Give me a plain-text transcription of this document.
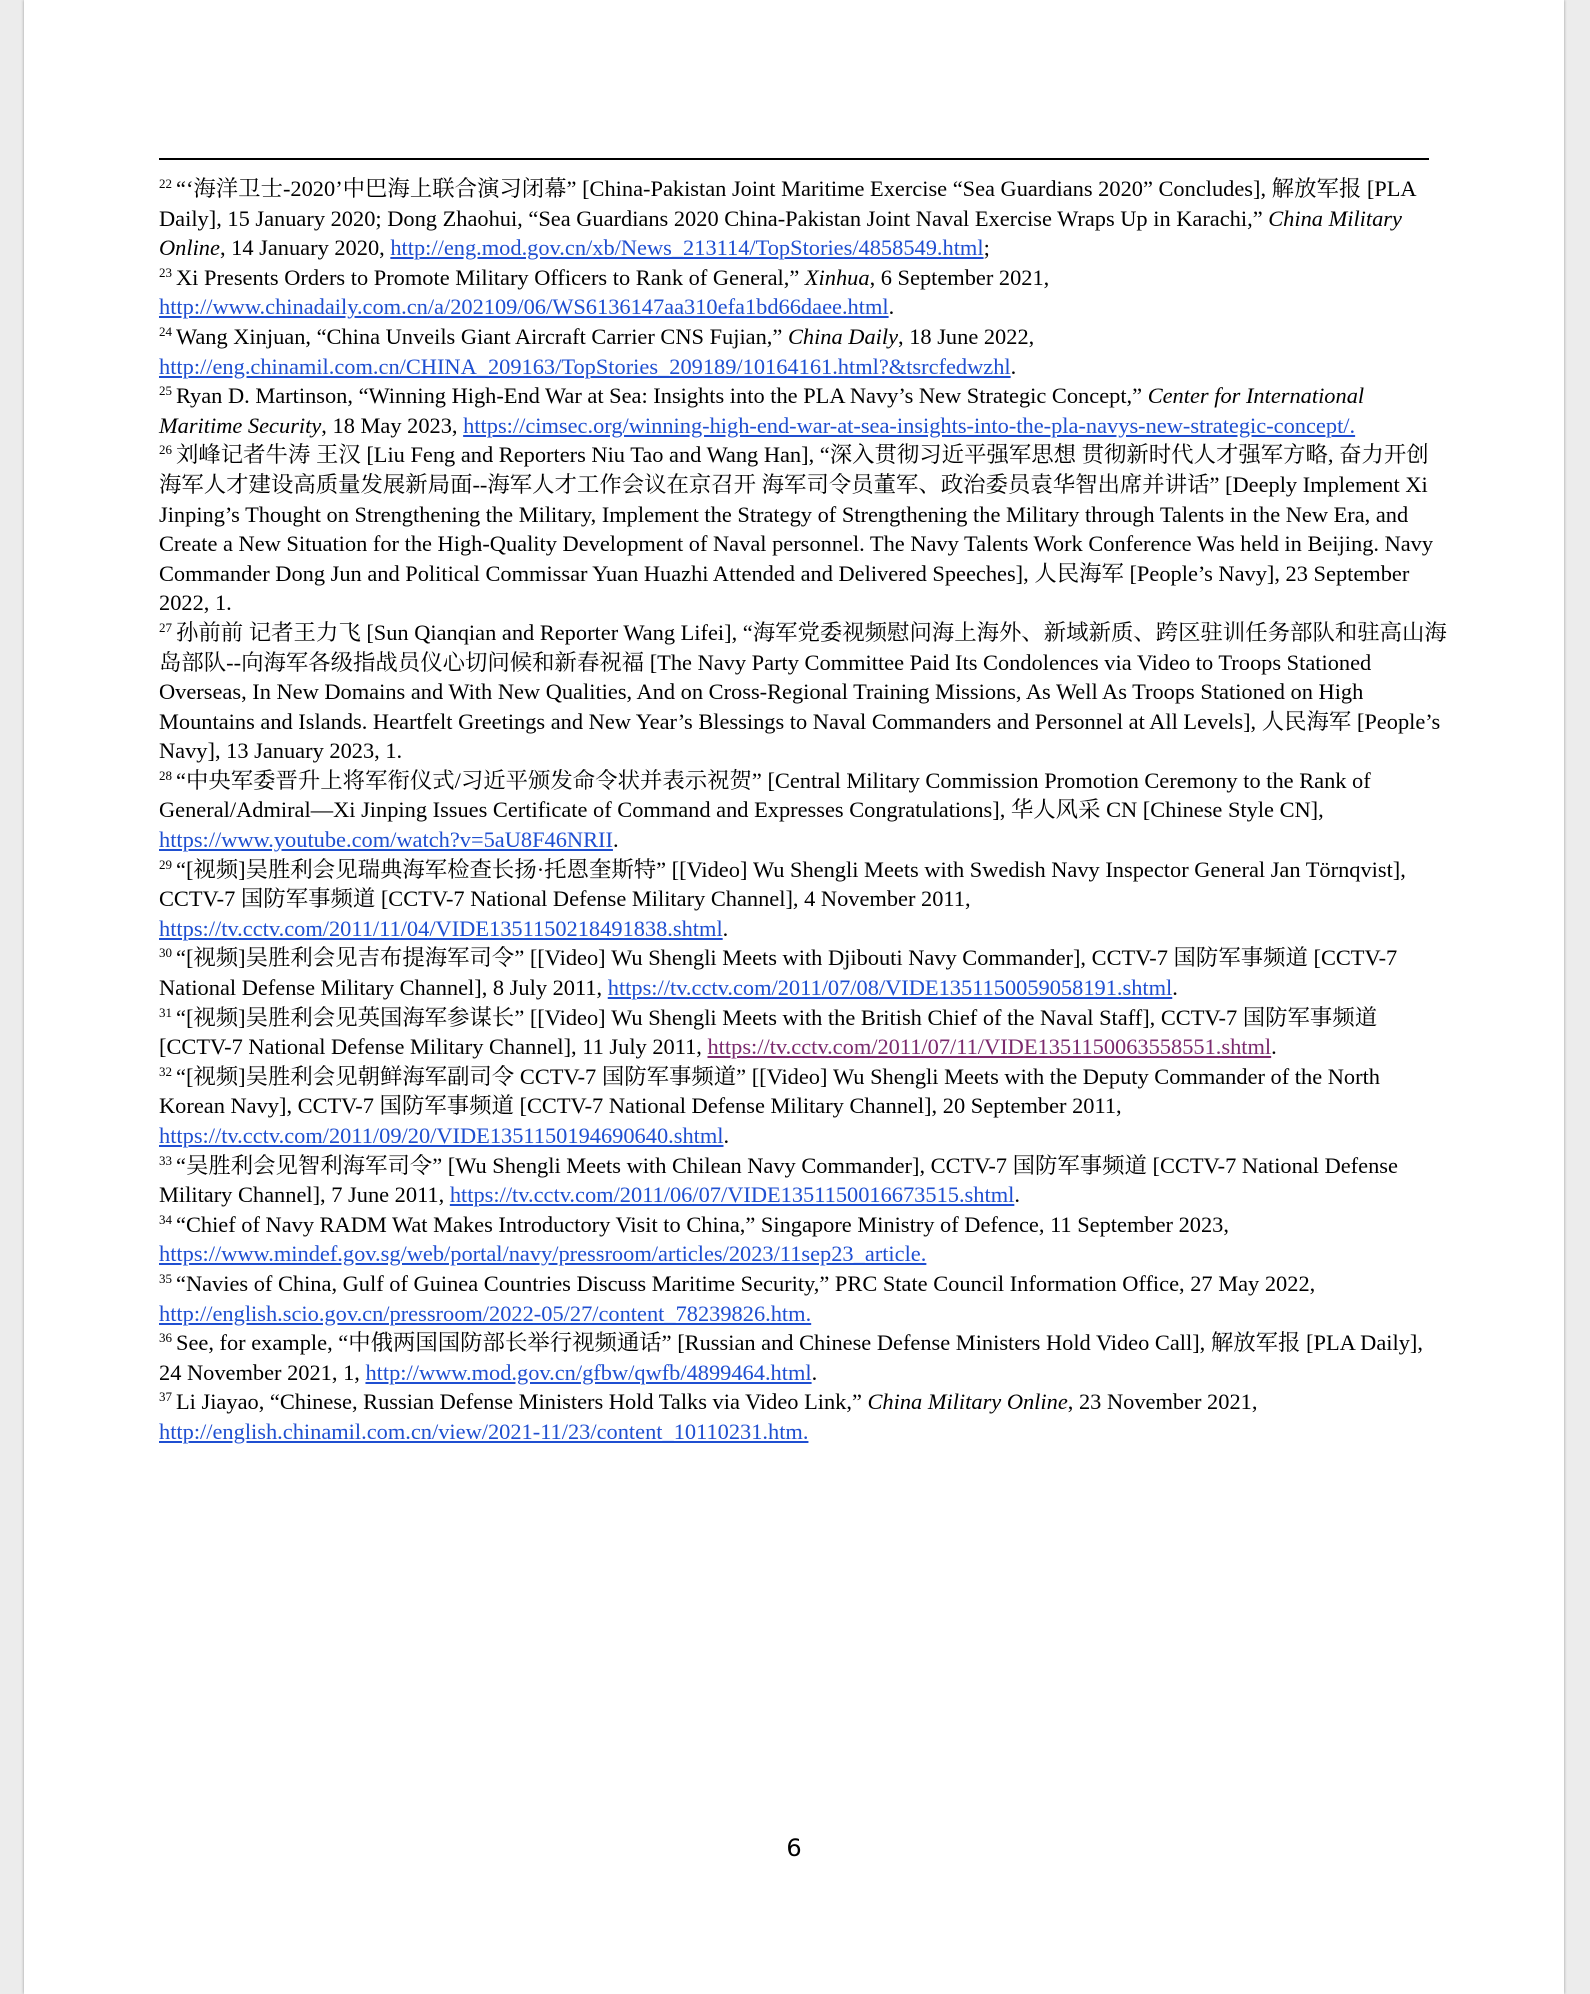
$^{22}$ “‘海洋卫士-2020’中巴海上联合演习闭幕” [China-Pakistan Joint Maritime Exercise “Sea Guardians 2020” Concludes], 解放军报 [PLA Daily], 15 January 2020; Dong Zhaohui, “Sea Guardians 2020 China-Pakistan Joint Naval Exercise Wraps Up in Karachi,” China Military Online, 14 January 2020, http://eng.mod.gov.cn/xb/News_213114/TopStories/4858549.html;

$^{23}$ Xi Presents Orders to Promote Military Officers to Rank of General,” Xinhua, 6 September 2021, http://www.chinadaily.com.cn/a/202109/06/WS6136147aa310efa1bd66daee.html.

$^{24}$ Wang Xinjuan, “China Unveils Giant Aircraft Carrier CNS Fujian,” China Daily, 18 June 2022, http://eng.chinamil.com.cn/CHINA_209163/TopStories_209189/10164161.html?&tsrcfedwzhl.

$^{25}$ Ryan D. Martinson, “Winning High-End War at Sea: Insights into the PLA Navy’s New Strategic Concept,” Center for International Maritime Security, 18 May 2023, https://cimsec.org/winning-high-end-war-at-sea-insights-into-the-pla-navys-new-strategic-concept/.

$^{26}$ 刘峰记者牛涛 王汉 [Liu Feng and Reporters Niu Tao and Wang Han], “深入贯彻习近平强军思想 贯彻新时代人才强军方略, 奋力开创海军人才建设高质量发展新局面--海军人才工作会议在京召开 海军司令员董军、政治委员袁华智出席并讲话” [Deeply Implement Xi Jinping’s Thought on Strengthening the Military, Implement the Strategy of Strengthening the Military through Talents in the New Era, and Create a New Situation for the High-Quality Development of Naval personnel. The Navy Talents Work Conference Was held in Beijing. Navy Commander Dong Jun and Political Commissar Yuan Huazhi Attended and Delivered Speeches], 人民海军 [People’s Navy], 23 September 2022, 1.

$^{27}$ 孙前前 记者王力飞 [Sun Qianqian and Reporter Wang Lifei], “海军党委视频慰问海上海外、新域新质、跨区驻训任务部队和驻高山海岛部队--向海军各级指战员仪心切问候和新春祝福 [The Navy Party Committee Paid Its Condolences via Video to Troops Stationed Overseas, In New Domains and With New Qualities, And on Cross-Regional Training Missions, As Well As Troops Stationed on High Mountains and Islands. Heartfelt Greetings and New Year’s Blessings to Naval Commanders and Personnel at All Levels], 人民海军 [People’s Navy], 13 January 2023, 1.

$^{28}$ “中央军委晋升上将军衔仪式/习近平颁发命令状并表示祝贺” [Central Military Commission Promotion Ceremony to the Rank of General/Admiral—Xi Jinping Issues Certificate of Command and Expresses Congratulations], 华人风采 CN [Chinese Style CN], https://www.youtube.com/watch?v=5aU8F46NRII.

$^{29}$ “[视频]吴胜利会见瑞典海军检查长扬·托恩奎斯特” [[Video] Wu Shengli Meets with Swedish Navy Inspector General Jan Törnqvist], CCTV-7 国防军事频道 [CCTV-7 National Defense Military Channel], 4 November 2011, https://tv.cctv.com/2011/11/04/VIDE1351150218491838.shtml.

$^{30}$ “[视频]吴胜利会见吉布提海军司令” [[Video] Wu Shengli Meets with Djibouti Navy Commander], CCTV-7 国防军事频道 [CCTV-7 National Defense Military Channel], 8 July 2011, https://tv.cctv.com/2011/07/08/VIDE1351150059058191.shtml.

$^{31}$ “[视频]吴胜利会见英国海军参谋长” [[Video] Wu Shengli Meets with the British Chief of the Naval Staff], CCTV-7 国防军事频道 [CCTV-7 National Defense Military Channel], 11 July 2011, https://tv.cctv.com/2011/07/11/VIDE1351150063558551.shtml.

$^{32}$ “[视频]吴胜利会见朝鲜海军副司令 CCTV-7 国防军事频道” [[Video] Wu Shengli Meets with the Deputy Commander of the North Korean Navy], CCTV-7 国防军事频道 [CCTV-7 National Defense Military Channel], 20 September 2011, https://tv.cctv.com/2011/09/20/VIDE1351150194690640.shtml.

$^{33}$ “吴胜利会见智利海军司令” [Wu Shengli Meets with Chilean Navy Commander], CCTV-7 国防军事频道 [CCTV-7 National Defense Military Channel], 7 June 2011, https://tv.cctv.com/2011/06/07/VIDE1351150016673515.shtml.

$^{34}$ “Chief of Navy RADM Wat Makes Introductory Visit to China,” Singapore Ministry of Defence, 11 September 2023, https://www.mindef.gov.sg/web/portal/navy/pressroom/articles/2023/11sep23_article.

$^{35}$ “Navies of China, Gulf of Guinea Countries Discuss Maritime Security,” PRC State Council Information Office, 27 May 2022, http://english.scio.gov.cn/pressroom/2022-05/27/content_78239826.htm.

$^{36}$ See, for example, “中俄两国国防部长举行视频通话” [Russian and Chinese Defense Ministers Hold Video Call], 解放军报 [PLA Daily], 24 November 2021, 1, http://www.mod.gov.cn/gfbw/qwfb/4899464.html.

$^{37}$ Li Jiayao, “Chinese, Russian Defense Ministers Hold Talks via Video Link,” China Military Online, 23 November 2021, http://english.chinamil.com.cn/view/2021-11/23/content_10110231.htm.

6
